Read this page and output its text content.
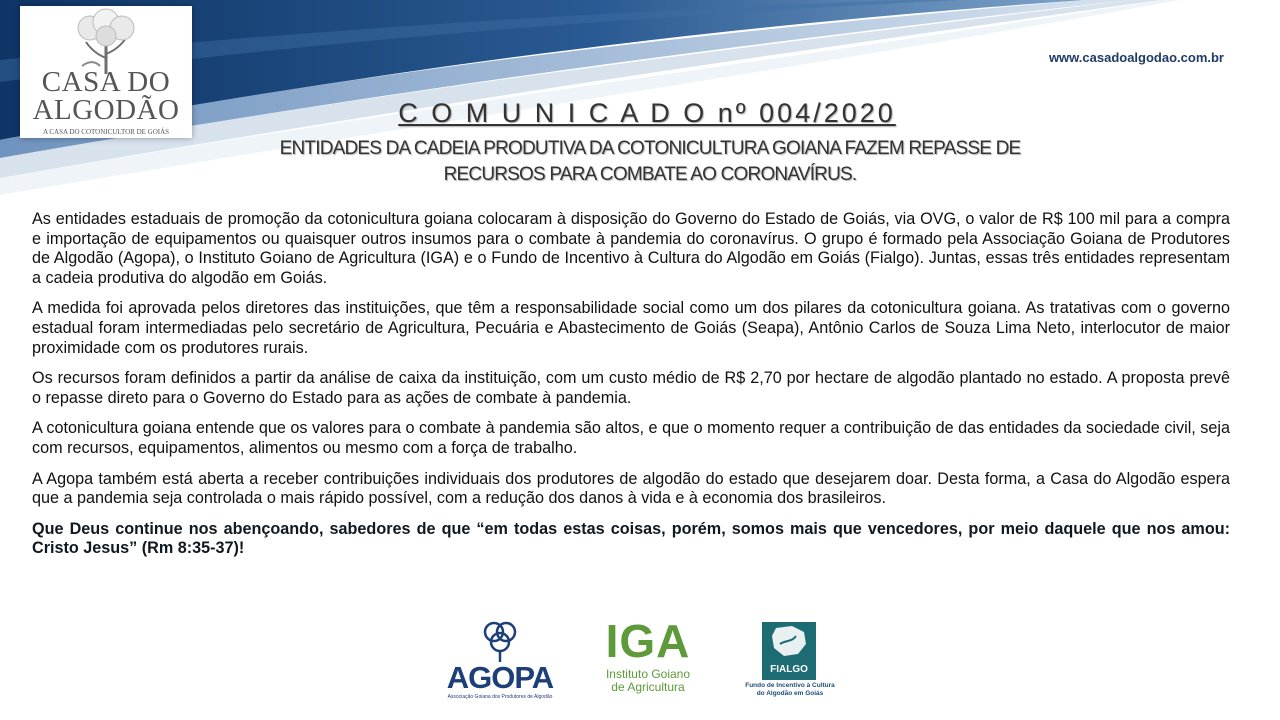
CASA DO
ALGODÃO
A CASA DO COTONICULTOR DE GOIÁS
www.casadoalgodao.com.br
C O M U N I C A D O nº 004/2020
ENTIDADES DA CADEIA PRODUTIVA DA COTONICULTURA GOIANA FAZEM REPASSE DE
RECURSOS PARA COMBATE AO CORONAVÍRUS.

As entidades estaduais de promoção da cotonicultura goiana colocaram à disposição do Governo do Estado de Goiás, via OVG, o valor de R$ 100 mil para a compra e importação de equipamentos ou quaisquer outros insumos para o combate à pandemia do coronavírus. O grupo é formado pela Associação Goiana de Produtores de Algodão (Agopa), o Instituto Goiano de Agricultura (IGA) e o Fundo de Incentivo à Cultura do Algodão em Goiás (Fialgo). Juntas, essas três entidades representam a cadeia produtiva do algodão em Goiás.

A medida foi aprovada pelos diretores das instituições, que têm a responsabilidade social como um dos pilares da cotonicultura goiana. As tratativas com o governo estadual foram intermediadas pelo secretário de Agricultura, Pecuária e Abastecimento de Goiás (Seapa), Antônio Carlos de Souza Lima Neto, interlocutor de maior proximidade com os produtores rurais.

Os recursos foram definidos a partir da análise de caixa da instituição, com um custo médio de R$ 2,70 por hectare de algodão plantado no estado. A proposta prevê o repasse direto para o Governo do Estado para as ações de combate à pandemia.

A cotonicultura goiana entende que os valores para o combate à pandemia são altos, e que o momento requer a contribuição de das entidades da sociedade civil, seja com recursos, equipamentos, alimentos ou mesmo com a força de trabalho.

A Agopa também está aberta a receber contribuições individuais dos produtores de algodão do estado que desejarem doar. Desta forma, a Casa do Algodão espera que a pandemia seja controlada o mais rápido possível, com a redução dos danos à vida e à economia dos brasileiros.

Que Deus continue nos abençoando, sabedores de que “em todas estas coisas, porém, somos mais que vencedores, por meio daquele que nos amou: Cristo Jesus” (Rm 8:35-37)!

AGOPA
Associação Goiana dos Produtores de Algodão
IGA
Instituto Goiano
de Agricultura
FIALGO
Fundo de Incentivo à Cultura
do Algodão em Goiás
